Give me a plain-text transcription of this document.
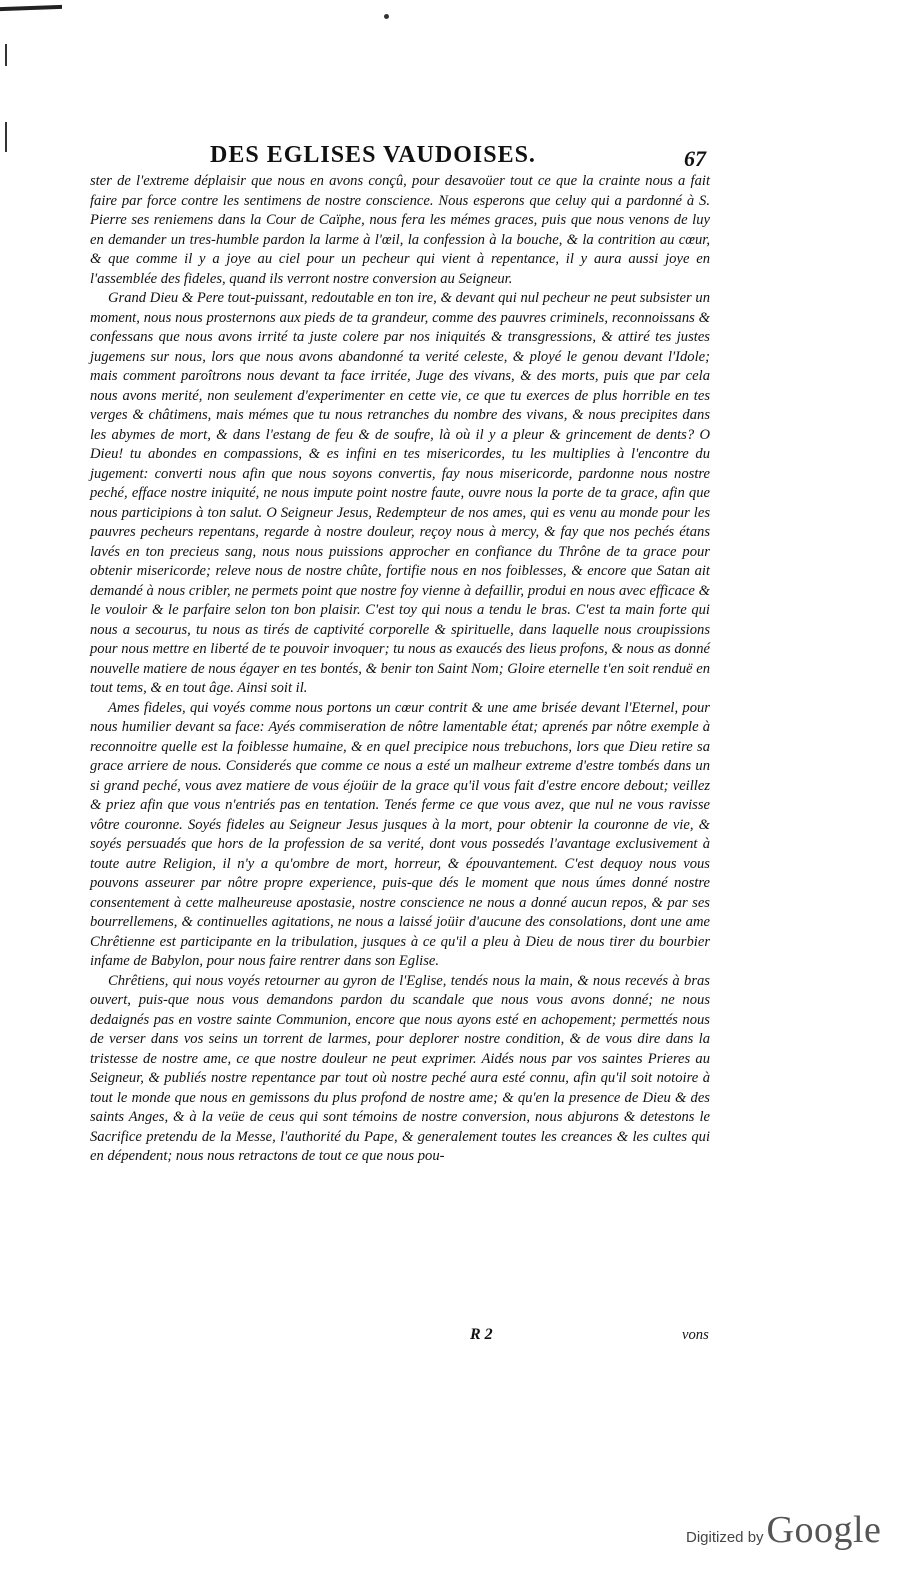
DES EGLISES VAUDOISES.	67

ster de l'extreme déplaisir que nous en avons conçû, pour desavoüer tout ce que la crainte nous a fait faire par force contre les sentimens de nostre conscience. Nous esperons que celuy qui a pardonné à S. Pierre ses reniemens dans la Cour de Caïphe, nous fera les mémes graces, puis que nous venons de luy en demander un tres-humble pardon la larme à l'œil, la confession à la bouche, & la contrition au cœur, & que comme il y a joye au ciel pour un pecheur qui vient à repentance, il y aura aussi joye en l'assemblée des fideles, quand ils verront nostre conversion au Seigneur.

Grand Dieu & Pere tout-puissant, redoutable en ton ire, & devant qui nul pecheur ne peut subsister un moment, nous nous prosternons aux pieds de ta grandeur, comme des pauvres criminels, reconnoissans & confessans que nous avons irrité ta juste colere par nos iniquités & transgressions, & attiré tes justes jugemens sur nous, lors que nous avons abandonné ta verité celeste, & ployé le genou devant l'Idole; mais comment paroîtrons nous devant ta face irritée, Juge des vivans, & des morts, puis que par cela nous avons merité, non seulement d'experimenter en cette vie, ce que tu exerces de plus horrible en tes verges & châtimens, mais mémes que tu nous retranches du nombre des vivans, & nous precipites dans les abymes de mort, & dans l'estang de feu & de soufre, là où il y a pleur & grincement de dents? O Dieu! tu abondes en compassions, & es infini en tes misericordes, tu les multiplies à l'encontre du jugement: converti nous afin que nous soyons convertis, fay nous misericorde, pardonne nous nostre peché, efface nostre iniquité, ne nous impute point nostre faute, ouvre nous la porte de ta grace, afin que nous participions à ton salut. O Seigneur Jesus, Redempteur de nos ames, qui es venu au monde pour les pauvres pecheurs repentans, regarde à nostre douleur, reçoy nous à mercy, & fay que nos pechés étans lavés en ton precieus sang, nous nous puissions approcher en confiance du Thrône de ta grace pour obtenir misericorde; releve nous de nostre chûte, fortifie nous en nos foiblesses, & encore que Satan ait demandé à nous cribler, ne permets point que nostre foy vienne à defaillir, produi en nous avec efficace & le vouloir & le parfaire selon ton bon plaisir. C'est toy qui nous a tendu le bras. C'est ta main forte qui nous a secourus, tu nous as tirés de captivité corporelle & spirituelle, dans laquelle nous croupissions pour nous mettre en liberté de te pouvoir invoquer; tu nous as exaucés des lieus profons, & nous as donné nouvelle matiere de nous égayer en tes bontés, & benir ton Saint Nom; Gloire eternelle t'en soit renduë en tout tems, & en tout âge. Ainsi soit il.

Ames fideles, qui voyés comme nous portons un cœur contrit & une ame brisée devant l'Eternel, pour nous humilier devant sa face: Ayés commiseration de nôtre lamentable état; aprenés par nôtre exemple à reconnoitre quelle est la foiblesse humaine, & en quel precipice nous trebuchons, lors que Dieu retire sa grace arriere de nous. Considerés que comme ce nous a esté un malheur extreme d'estre tombés dans un si grand peché, vous avez matiere de vous éjoüir de la grace qu'il vous fait d'estre encore debout; veillez & priez afin que vous n'entriés pas en tentation. Tenés ferme ce que vous avez, que nul ne vous ravisse vôtre couronne. Soyés fideles au Seigneur Jesus jusques à la mort, pour obtenir la couronne de vie, & soyés persuadés que hors de la profession de sa verité, dont vous possedés l'avantage exclusivement à toute autre Religion, il n'y a qu'ombre de mort, horreur, & épouvantement. C'est dequoy nous vous pouvons asseurer par nôtre propre experience, puis-que dés le moment que nous úmes donné nostre consentement à cette malheureuse apostasie, nostre conscience ne nous a donné aucun repos, & par ses bourrellemens, & continuelles agitations, ne nous a laissé joüir d'aucune des consolations, dont une ame Chrêtienne est participante en la tribulation, jusques à ce qu'il a pleu à Dieu de nous tirer du bourbier infame de Babylon, pour nous faire rentrer dans son Eglise.

Chrêtiens, qui nous voyés retourner au gyron de l'Eglise, tendés nous la main, & nous recevés à bras ouvert, puis-que nous vous demandons pardon du scandale que nous vous avons donné; ne nous dedaignés pas en vostre sainte Communion, encore que nous ayons esté en achopement; permettés nous de verser dans vos seins un torrent de larmes, pour deplorer nostre condition, & de vous dire dans la tristesse de nostre ame, ce que nostre douleur ne peut exprimer. Aidés nous par vos saintes Prieres au Seigneur, & publiés nostre repentance par tout où nostre peché aura esté connu, afin qu'il soit notoire à tout le monde que nous en gemissons du plus profond de nostre ame; & qu'en la presence de Dieu & des saints Anges, & à la veüe de ceus qui sont témoins de nostre conversion, nous abjurons & detestons le Sacrifice pretendu de la Messe, l'authorité du Pape, & generalement toutes les creances & les cultes qui en dépendent; nous nous retractons de tout ce que nous pou-

R 2	vons
Digitized by Google
